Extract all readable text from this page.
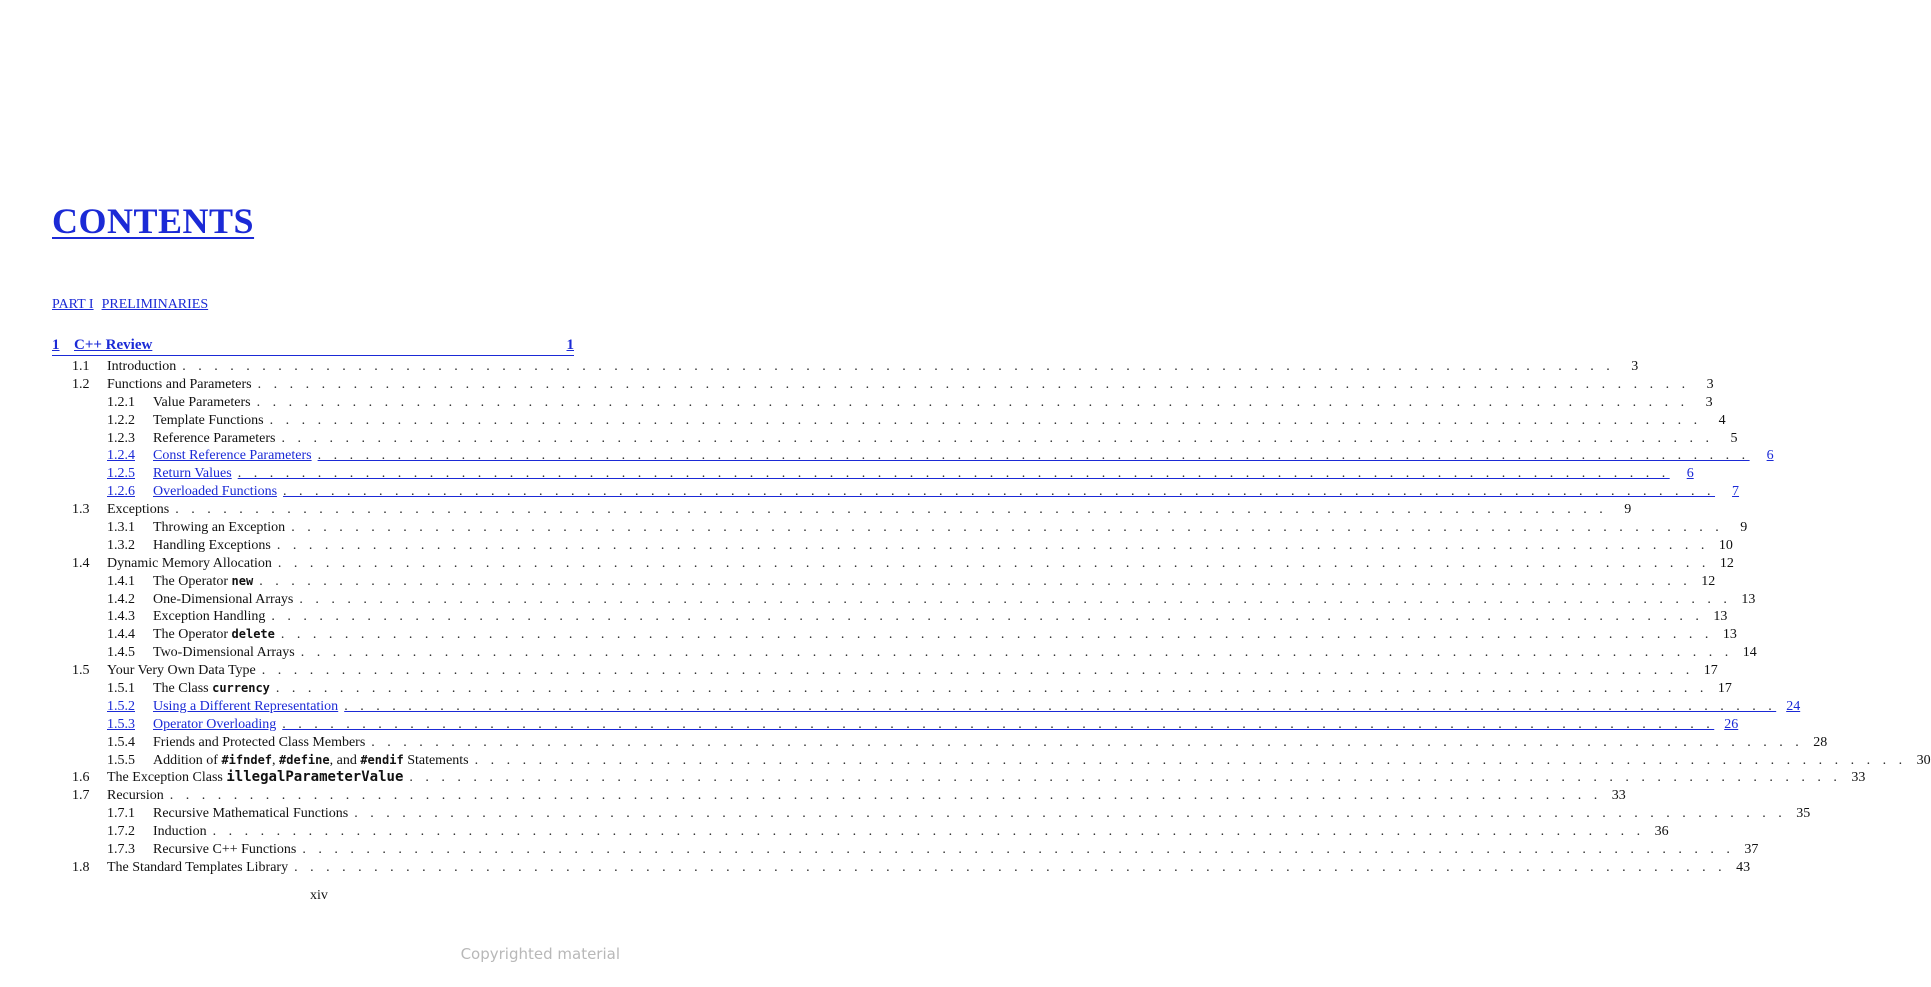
CONTENTS
PART I PRELIMINARIES
1 C++ Review	1
1.1	Introduction . . . . . . . . . . . . . . . . . . . . . . . . . . . . . . . . . . . . . . . . . . . . . . . . . . . . . . . . . . . . . . . . . . . . . . . . . . . . . . . . . . . . . . . . . .	3
1.2	Functions and Parameters . . . . . . . . . . . . . . . . . . . . . . . . . . . . . . . . . . . . . . . . . . . . . . . . . . . . . . . . . . . . . . . . . . . . . . . . . . . . . . . . . . . . . . . . . .	3
1.2.1	Value Parameters . . . . . . . . . . . . . . . . . . . . . . . . . . . . . . . . . . . . . . . . . . . . . . . . . . . . . . . . . . . . . . . . . . . . . . . . . . . . . . . . . . . . . . . . . .	3
1.2.2	Template Functions . . . . . . . . . . . . . . . . . . . . . . . . . . . . . . . . . . . . . . . . . . . . . . . . . . . . . . . . . . . . . . . . . . . . . . . . . . . . . . . . . . . . . . . . . .	4
1.2.3	Reference Parameters . . . . . . . . . . . . . . . . . . . . . . . . . . . . . . . . . . . . . . . . . . . . . . . . . . . . . . . . . . . . . . . . . . . . . . . . . . . . . . . . . . . . . . . . . .	5
1.2.4	Const Reference Parameters . . . . . . . . . . . . . . . . . . . . . . . . . . . . . . . . . . . . . . . . . . . . . . . . . . . . . . . . . . . . . . . . . . . . . . . . . . . . . . . . . . . . . . . . . .	6
1.2.5	Return Values . . . . . . . . . . . . . . . . . . . . . . . . . . . . . . . . . . . . . . . . . . . . . . . . . . . . . . . . . . . . . . . . . . . . . . . . . . . . . . . . . . . . . . . . . .	6
1.2.6	Overloaded Functions . . . . . . . . . . . . . . . . . . . . . . . . . . . . . . . . . . . . . . . . . . . . . . . . . . . . . . . . . . . . . . . . . . . . . . . . . . . . . . . . . . . . . . . . . .	7
1.3	Exceptions . . . . . . . . . . . . . . . . . . . . . . . . . . . . . . . . . . . . . . . . . . . . . . . . . . . . . . . . . . . . . . . . . . . . . . . . . . . . . . . . . . . . . . . . . .	9
1.3.1	Throwing an Exception . . . . . . . . . . . . . . . . . . . . . . . . . . . . . . . . . . . . . . . . . . . . . . . . . . . . . . . . . . . . . . . . . . . . . . . . . . . . . . . . . . . . . . . . . .	9
1.3.2	Handling Exceptions . . . . . . . . . . . . . . . . . . . . . . . . . . . . . . . . . . . . . . . . . . . . . . . . . . . . . . . . . . . . . . . . . . . . . . . . . . . . . . . . . . . . . . . . . . 10
1.4	Dynamic Memory Allocation . . . . . . . . . . . . . . . . . . . . . . . . . . . . . . . . . . . . . . . . . . . . . . . . . . . . . . . . . . . . . . . . . . . . . . . . . . . . . . . . . . . . . . . . . . 12
1.4.1	The Operator new . . . . . . . . . . . . . . . . . . . . . . . . . . . . . . . . . . . . . . . . . . . . . . . . . . . . . . . . . . . . . . . . . . . . . . . . . . . . . . . . . . . . . . . . . . 12
1.4.2	One-Dimensional Arrays . . . . . . . . . . . . . . . . . . . . . . . . . . . . . . . . . . . . . . . . . . . . . . . . . . . . . . . . . . . . . . . . . . . . . . . . . . . . . . . . . . . . . . . . . . 13
1.4.3	Exception Handling . . . . . . . . . . . . . . . . . . . . . . . . . . . . . . . . . . . . . . . . . . . . . . . . . . . . . . . . . . . . . . . . . . . . . . . . . . . . . . . . . . . . . . . . . . 13
1.4.4	The Operator delete . . . . . . . . . . . . . . . . . . . . . . . . . . . . . . . . . . . . . . . . . . . . . . . . . . . . . . . . . . . . . . . . . . . . . . . . . . . . . . . . . . . . . . . . . . 13
1.4.5	Two-Dimensional Arrays . . . . . . . . . . . . . . . . . . . . . . . . . . . . . . . . . . . . . . . . . . . . . . . . . . . . . . . . . . . . . . . . . . . . . . . . . . . . . . . . . . . . . . . . . . 14
1.5	Your Very Own Data Type . . . . . . . . . . . . . . . . . . . . . . . . . . . . . . . . . . . . . . . . . . . . . . . . . . . . . . . . . . . . . . . . . . . . . . . . . . . . . . . . . . . . . . . . . . 17
1.5.1	The Class currency . . . . . . . . . . . . . . . . . . . . . . . . . . . . . . . . . . . . . . . . . . . . . . . . . . . . . . . . . . . . . . . . . . . . . . . . . . . . . . . . . . . . . . . . . . 17
1.5.2	Using a Different Representation . . . . . . . . . . . . . . . . . . . . . . . . . . . . . . . . . . . . . . . . . . . . . . . . . . . . . . . . . . . . . . . . . . . . . . . . . . . . . . . . . . . . . . . . . . 24
1.5.3	Operator Overloading . . . . . . . . . . . . . . . . . . . . . . . . . . . . . . . . . . . . . . . . . . . . . . . . . . . . . . . . . . . . . . . . . . . . . . . . . . . . . . . . . . . . . . . . . . 26
1.5.4	Friends and Protected Class Members . . . . . . . . . . . . . . . . . . . . . . . . . . . . . . . . . . . . . . . . . . . . . . . . . . . . . . . . . . . . . . . . . . . . . . . . . . . . . . . . . . . . . . . . . . 28
1.5.5	Addition of #ifndef, #define, and #endif Statements . . . . . . . . . . . . . . . . . . . . . . . . . . . . . . . . . . . . . . . . . . . . . . . . . . . . . . . . . . . . . . . . . . . . . . . . . . . . . . . . . . . . . . . . . . 30
1.6	The Exception Class illegalParameterValue . . . . . . . . . . . . . . . . . . . . . . . . . . . . . . . . . . . . . . . . . . . . . . . . . . . . . . . . . . . . . . . . . . . . . . . . . . . . . . . . . . . . . . . . . . 33
1.7	Recursion . . . . . . . . . . . . . . . . . . . . . . . . . . . . . . . . . . . . . . . . . . . . . . . . . . . . . . . . . . . . . . . . . . . . . . . . . . . . . . . . . . . . . . . . . . 33
1.7.1	Recursive Mathematical Functions . . . . . . . . . . . . . . . . . . . . . . . . . . . . . . . . . . . . . . . . . . . . . . . . . . . . . . . . . . . . . . . . . . . . . . . . . . . . . . . . . . . . . . . . . . 35
1.7.2	Induction . . . . . . . . . . . . . . . . . . . . . . . . . . . . . . . . . . . . . . . . . . . . . . . . . . . . . . . . . . . . . . . . . . . . . . . . . . . . . . . . . . . . . . . . . . 36
1.7.3	Recursive C++ Functions . . . . . . . . . . . . . . . . . . . . . . . . . . . . . . . . . . . . . . . . . . . . . . . . . . . . . . . . . . . . . . . . . . . . . . . . . . . . . . . . . . . . . . . . . . 37
1.8	The Standard Templates Library . . . . . . . . . . . . . . . . . . . . . . . . . . . . . . . . . . . . . . . . . . . . . . . . . . . . . . . . . . . . . . . . . . . . . . . . . . . . . . . . . . . . . . . . . . 43
xiv
Copyrighted material
